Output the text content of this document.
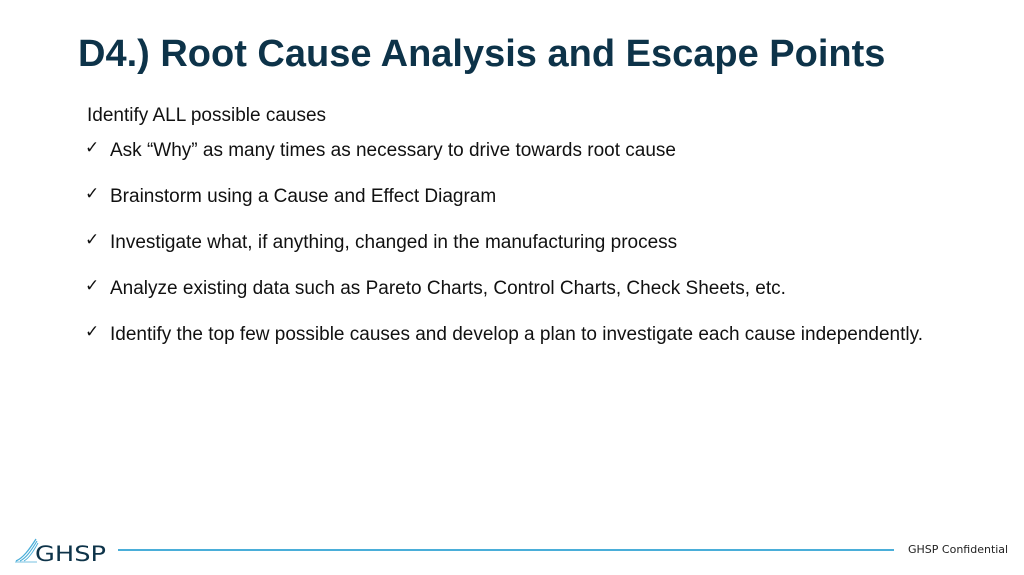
D4.) Root Cause Analysis and Escape Points
Identify ALL possible causes
✓ Ask “Why” as many times as necessary to drive towards root cause
✓ Brainstorm using a Cause and Effect Diagram
✓ Investigate what, if anything, changed in the manufacturing process
✓ Analyze existing data such as Pareto Charts, Control Charts, Check Sheets, etc.
✓ Identify the top few possible causes and develop a plan to investigate each cause independently.
GHSP	GHSP Confidential
